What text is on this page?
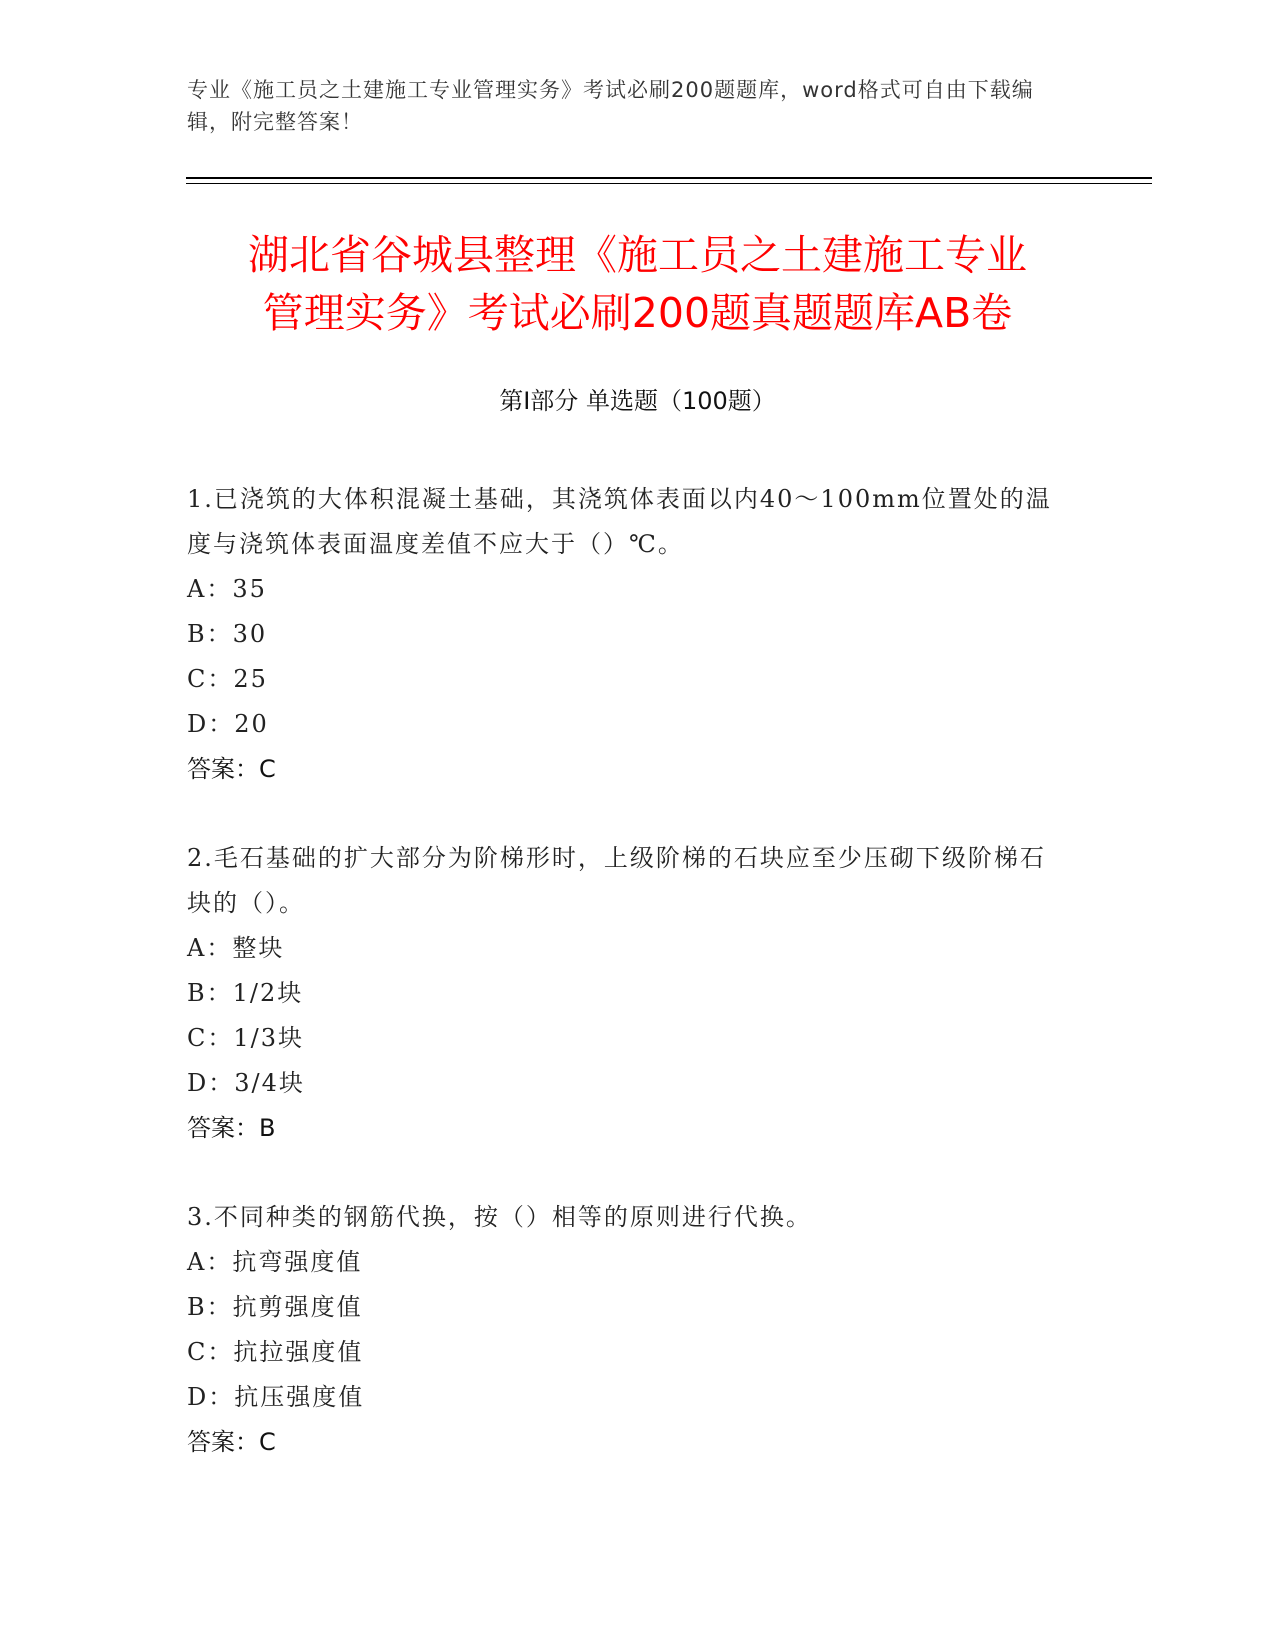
专业《施工员之土建施工专业管理实务》考试必刷200题题库，word格式可自由下载编辑，附完整答案！
湖北省谷城县整理《施工员之土建施工专业
管理实务》考试必刷200题真题题库AB卷
第Ⅰ部分 单选题（100题）

1.已浇筑的大体积混凝土基础，其浇筑体表面以内40～100mm位置处的温度与浇筑体表面温度差值不应大于（）℃。

A：35

B：30

C：25

D：20

答案：C

2.毛石基础的扩大部分为阶梯形时，上级阶梯的石块应至少压砌下级阶梯石块的（）。

A：整块

B：1/2块

C：1/3块

D：3/4块

答案：B

3.不同种类的钢筋代换，按（）相等的原则进行代换。

A：抗弯强度值

B：抗剪强度值

C：抗拉强度值

D：抗压强度值

答案：C
